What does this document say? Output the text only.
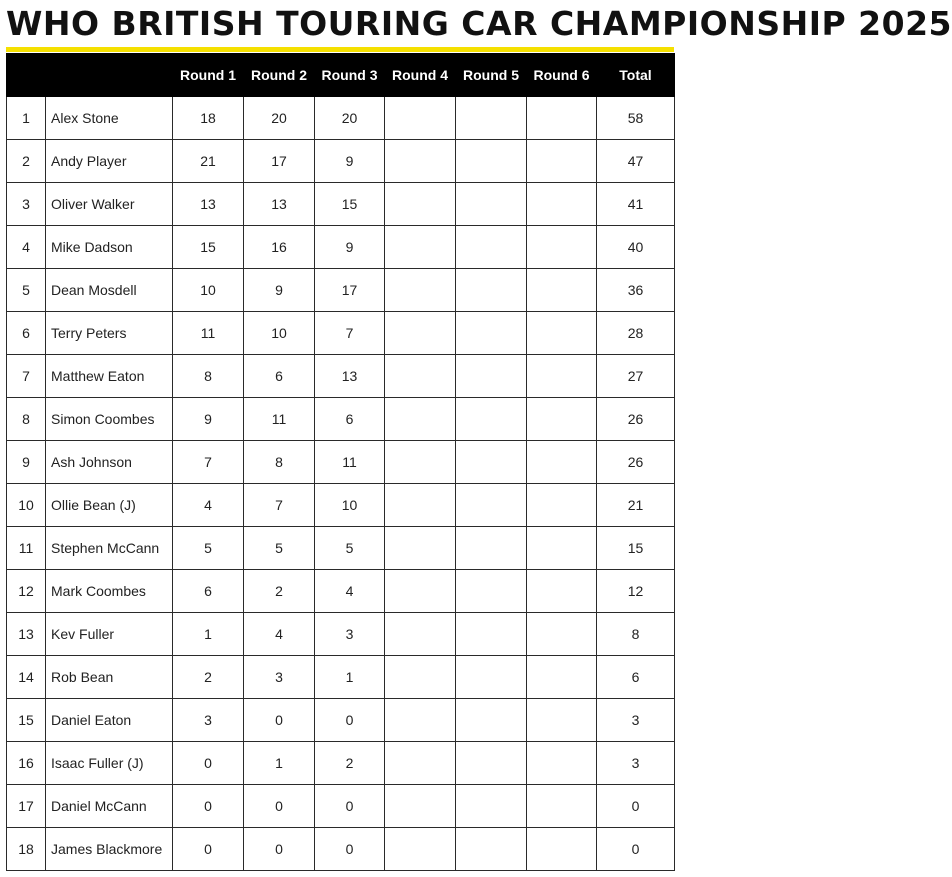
WHO BRITISH TOURING CAR CHAMPIONSHIP 2025
		Round 1	Round 2	Round 3	Round 4	Round 5	Round 6	Total
1	Alex Stone	18	20	20				58
2	Andy Player	21	17	9				47
3	Oliver Walker	13	13	15				41
4	Mike Dadson	15	16	9				40
5	Dean Mosdell	10	9	17				36
6	Terry Peters	11	10	7				28
7	Matthew Eaton	8	6	13				27
8	Simon Coombes	9	11	6				26
9	Ash Johnson	7	8	11				26
10	Ollie Bean (J)	4	7	10				21
11	Stephen McCann	5	5	5				15
12	Mark Coombes	6	2	4				12
13	Kev Fuller	1	4	3				8
14	Rob Bean	2	3	1				6
15	Daniel Eaton	3	0	0				3
16	Isaac Fuller (J)	0	1	2				3
17	Daniel McCann	0	0	0				0
18	James Blackmore	0	0	0				0
